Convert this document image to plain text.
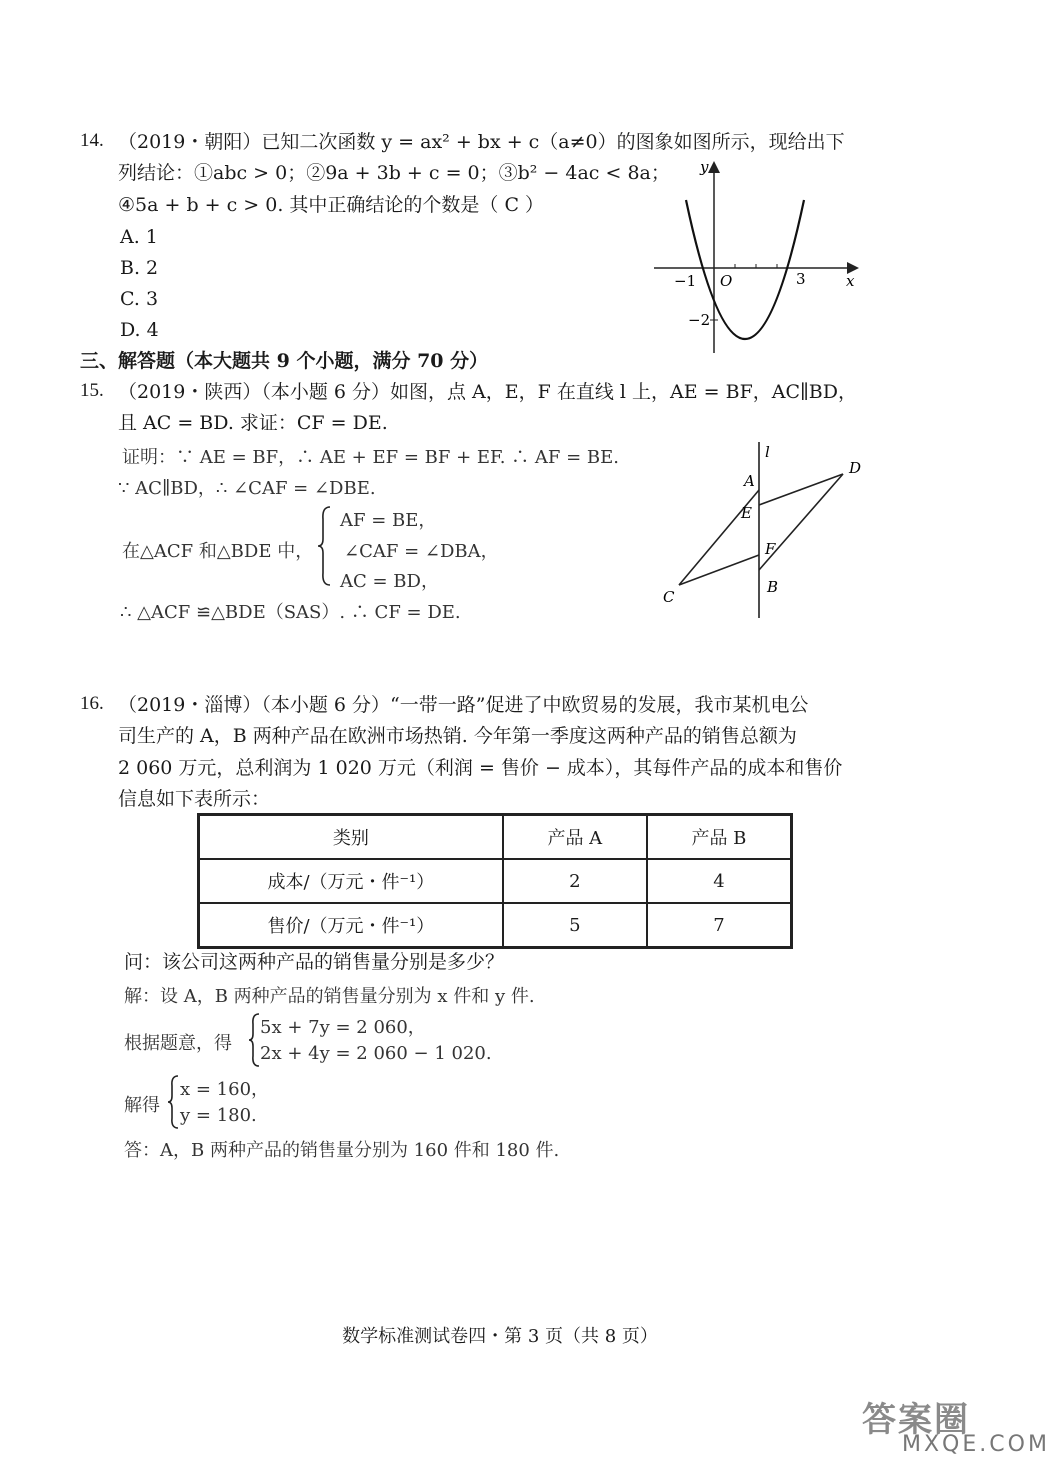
14. （2019・朝阳）已知二次函数 y = ax² + bx + c（a≠0）的图象如图所示，现给出下
列结论：①abc > 0；②9a + 3b + c = 0；③b² − 4ac < 8a；
④5a + b + c > 0. 其中正确结论的个数是（ C ）
A. 1
B. 2
C. 3
D. 4
y
x
O
−1	3
−2
三、解答题（本大题共 9 个小题，满分 70 分）
15. （2019・陕西）（本小题 6 分）如图，点 A，E，F 在直线 l 上，AE = BF，AC∥BD，
且 AC = BD. 求证：CF = DE.
证明：∵ AE = BF，∴ AE + EF = BF + EF. ∴ AF = BE.
∵ AC∥BD，∴ ∠CAF = ∠DBE.
在△ACF 和△BDE 中，
AF = BE，
∠CAF = ∠DBA，
AC = BD，
∴ △ACF ≌△BDE（SAS）. ∴ CF = DE.
l
A
D
E
F
B
C
16. （2019・淄博）（本小题 6 分）“一带一路”促进了中欧贸易的发展，我市某机电公
司生产的 A，B 两种产品在欧洲市场热销. 今年第一季度这两种产品的销售总额为
2 060 万元，总利润为 1 020 万元（利润 = 售价 − 成本），其每件产品的成本和售价
信息如下表所示：
类别	产品 A	产品 B
成本/（万元・件⁻¹）	2	4
售价/（万元・件⁻¹）	5	7
问：该公司这两种产品的销售量分别是多少？
解：设 A，B 两种产品的销售量分别为 x 件和 y 件.
根据题意，得
5x + 7y = 2 060，
2x + 4y = 2 060 − 1 020.
解得
x = 160，
y = 180.
答：A，B 两种产品的销售量分别为 160 件和 180 件.
数学标准测试卷四・第 3 页（共 8 页）
答案圈
MXQE.COM
